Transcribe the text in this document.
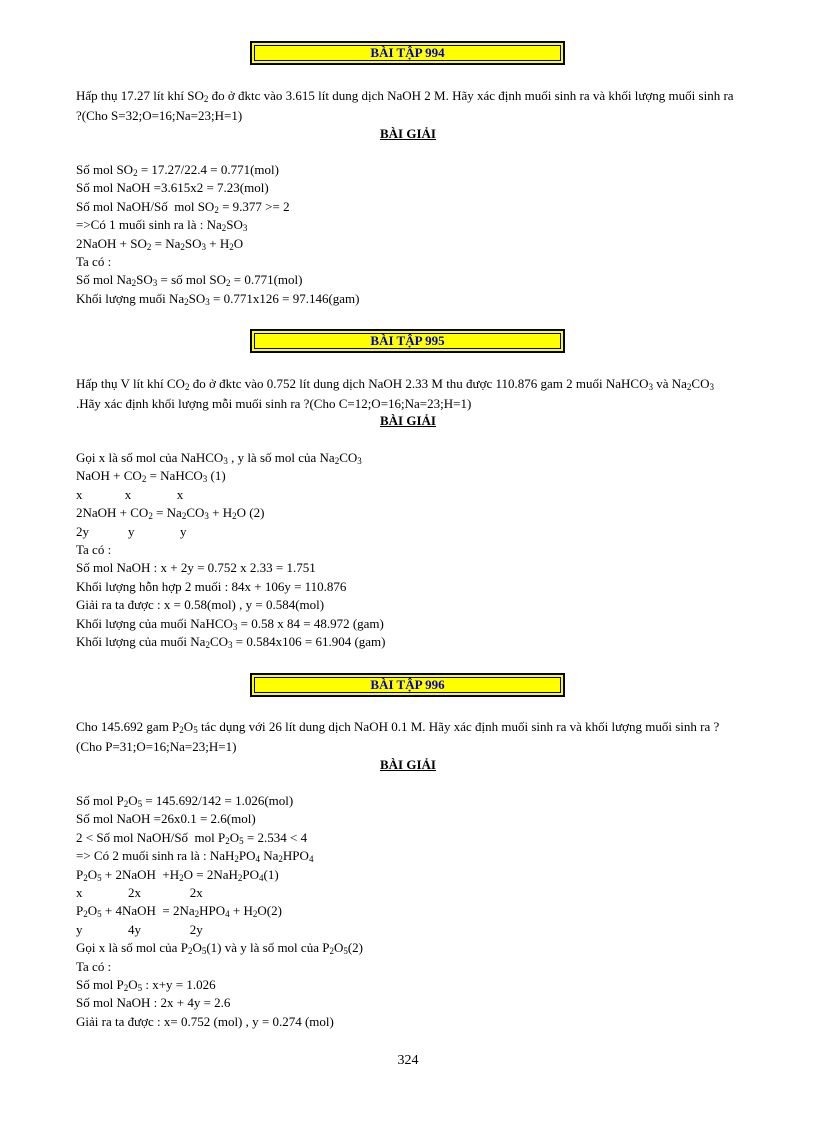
BÀI TẬP 994
Hấp thụ 17.27 lít khí $SO_2$ đo ở đktc vào 3.615 lít dung dịch NaOH 2 M. Hãy xác định muối sinh ra và khối lượng muối sinh ra ?(Cho S=32;O=16;Na=23;H=1)
BÀI GIẢI
Số mol $SO_2 = 17.27/22.4 = 0.771(mol)$
Số mol NaOH =3.615x2 = 7.23(mol)
Số mol NaOH/Số  mol $SO_2 = 9.377 >= 2$
=>Có 1 muối sinh ra là : $Na_2SO_3$
2NaOH + $SO_2 = Na_2SO_3 + H_2O$
Ta có :
Số mol $Na_2SO_3$ = số mol $SO_2 = 0.771(mol)$
Khối lượng muối $Na_2SO_3 = 0.771x126 = 97.146(gam)$
BÀI TẬP 995
Hấp thụ V lít khí $CO_2$ đo ở đktc vào 0.752 lít dung dịch NaOH 2.33 M thu được 110.876 gam 2 muối NaHCO$_3$ và $Na_2CO_3$ .Hãy xác định khối lượng mỗi muối sinh ra ?(Cho C=12;O=16;Na=23;H=1)
BÀI GIẢI
Gọi x là số mol của NaHCO$_3$ , y là số mol của $Na_2CO_3$
NaOH + $CO_2$ = NaHCO$_3$ (1)
x             x              x
2NaOH + $CO_2 = Na_2CO_3 + H_2O$ (2)
2y            y              y
Ta có :
Số mol NaOH : x + 2y = 0.752 x 2.33 = 1.751
Khối lượng hỗn hợp 2 muối : 84x + 106y = 110.876
Giải ra ta được : x = 0.58(mol) , y = 0.584(mol)
Khối lượng của muối NaHCO$_3$ = 0.58 x 84 = 48.972 (gam)
Khối lượng của muối $Na_2CO_3 = 0.584x106 = 61.904$ (gam)
BÀI TẬP 996
Cho 145.692 gam $P_2O_5$ tác dụng với 26 lít dung dịch NaOH 0.1 M. Hãy xác định muối sinh ra và khối lượng muối sinh ra ?(Cho P=31;O=16;Na=23;H=1)
BÀI GIẢI
Số mol $P_2O_5 = 145.692/142 = 1.026(mol)$
Số mol NaOH =26x0.1 = 2.6(mol)
2 < Số mol NaOH/Số  mol $P_2O_5 = 2.534 < 4$
=> Có 2 muối sinh ra là : $NaH_2PO_4$ $Na_2HPO_4$
$P_2O_5$ + 2NaOH  $+H_2O = 2NaH_2PO_4(1)$
x              2x               2x
$P_2O_5$ + 4NaOH  = $2Na_2HPO_4 + H_2O(2)$
y              4y               2y
Gọi x là số mol của $P_2O_5(1)$ và y là số mol của $P_2O_5(2)$
Ta có :
Số mol $P_2O_5$ : x+y = 1.026
Số mol NaOH : 2x + 4y = 2.6
Giải ra ta được : x= 0.752 (mol) , y = 0.274 (mol)
324
